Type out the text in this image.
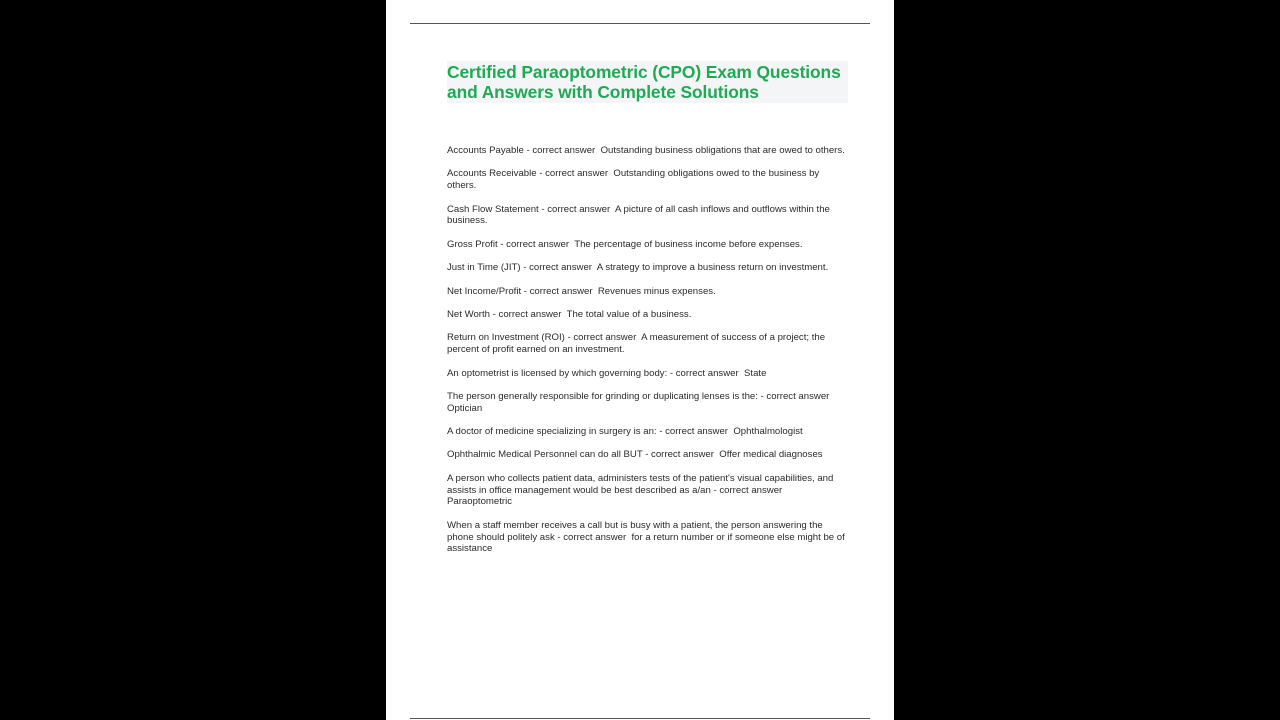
Certified Paraoptometric (CPO) Exam Questions and Answers with Complete Solutions
Accounts Payable - correct answer  Outstanding business obligations that are owed to others.
Accounts Receivable - correct answer  Outstanding obligations owed to the business by others.
Cash Flow Statement - correct answer  A picture of all cash inflows and outflows within the business.
Gross Profit - correct answer  The percentage of business income before expenses.
Just in Time (JIT) - correct answer  A strategy to improve a business return on investment.
Net Income/Profit - correct answer  Revenues minus expenses.
Net Worth - correct answer  The total value of a business.
Return on Investment (ROI) - correct answer  A measurement of success of a project; the percent of profit earned on an investment.
An optometrist is licensed by which governing body: - correct answer  State
The person generally responsible for grinding or duplicating lenses is the: - correct answer  Optician
A doctor of medicine specializing in surgery is an: - correct answer  Ophthalmologist
Ophthalmic Medical Personnel can do all BUT - correct answer  Offer medical diagnoses
A person who collects patient data, administers tests of the patient's visual capabilities, and assists in office management would be best described as a/an - correct answer Paraoptometric
When a staff member receives a call but is busy with a patient, the person answering the phone should politely ask - correct answer  for a return number or if someone else might be of assistance
